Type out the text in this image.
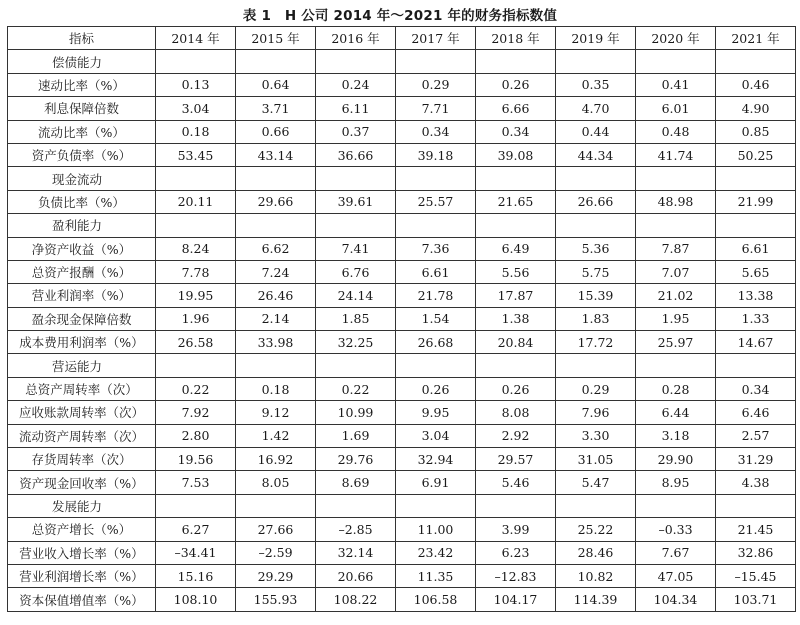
表 1　H 公司 2014 年～2021 年的财务指标数值
指标	2014 年	2015 年	2016 年	2017 年	2018 年	2019 年	2020 年	2021 年
偿债能力								
速动比率（%）	0.13	0.64	0.24	0.29	0.26	0.35	0.41	0.46
利息保障倍数	3.04	3.71	6.11	7.71	6.66	4.70	6.01	4.90
流动比率（%）	0.18	0.66	0.37	0.34	0.34	0.44	0.48	0.85
资产负债率（%）	53.45	43.14	36.66	39.18	39.08	44.34	41.74	50.25
现金流动								
负债比率（%）	20.11	29.66	39.61	25.57	21.65	26.66	48.98	21.99
盈利能力								
净资产收益（%）	8.24	6.62	7.41	7.36	6.49	5.36	7.87	6.61
总资产报酬（%）	7.78	7.24	6.76	6.61	5.56	5.75	7.07	5.65
营业利润率（%）	19.95	26.46	24.14	21.78	17.87	15.39	21.02	13.38
盈余现金保障倍数	1.96	2.14	1.85	1.54	1.38	1.83	1.95	1.33
成本费用利润率（%）	26.58	33.98	32.25	26.68	20.84	17.72	25.97	14.67
营运能力								
总资产周转率（次）	0.22	0.18	0.22	0.26	0.26	0.29	0.28	0.34
应收账款周转率（次）	7.92	9.12	10.99	9.95	8.08	7.96	6.44	6.46
流动资产周转率（次）	2.80	1.42	1.69	3.04	2.92	3.30	3.18	2.57
存货周转率（次）	19.56	16.92	29.76	32.94	29.57	31.05	29.90	31.29
资产现金回收率（%）	7.53	8.05	8.69	6.91	5.46	5.47	8.95	4.38
发展能力								
总资产增长（%）	6.27	27.66	–2.85	11.00	3.99	25.22	–0.33	21.45
营业收入增长率（%）	–34.41	–2.59	32.14	23.42	6.23	28.46	7.67	32.86
营业利润增长率（%）	15.16	29.29	20.66	11.35	–12.83	10.82	47.05	–15.45
资本保值增值率（%）	108.10	155.93	108.22	106.58	104.17	114.39	104.34	103.71
